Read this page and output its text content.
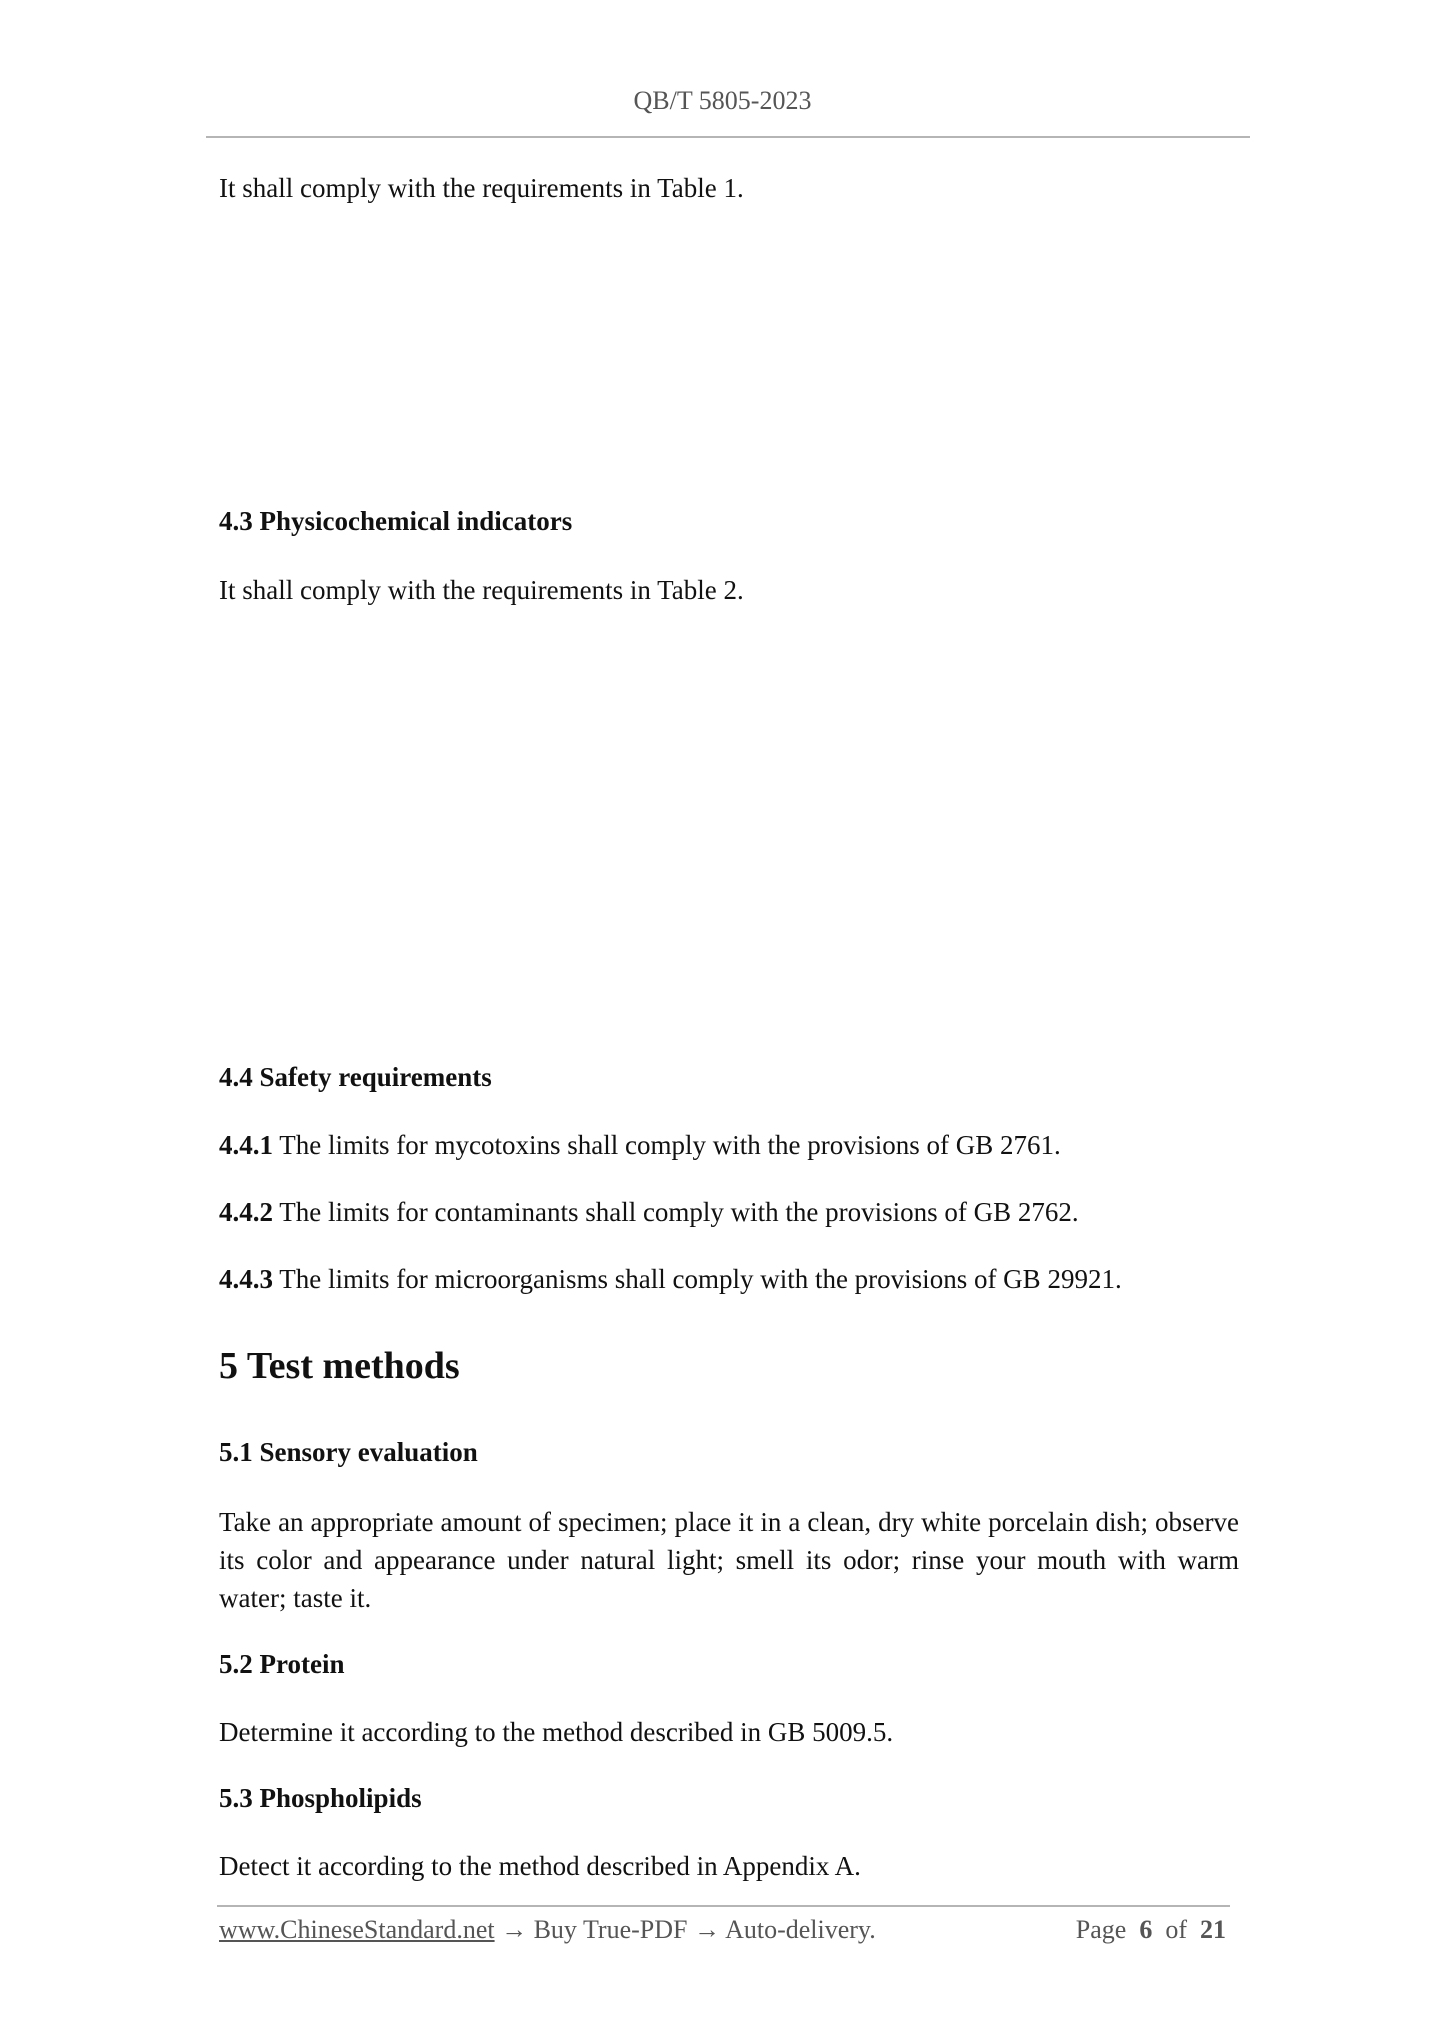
QB/T 5805-2023
It shall comply with the requirements in Table 1.
4.3 Physicochemical indicators
It shall comply with the requirements in Table 2.
4.4 Safety requirements
4.4.1 The limits for mycotoxins shall comply with the provisions of GB 2761.
4.4.2 The limits for contaminants shall comply with the provisions of GB 2762.
4.4.3 The limits for microorganisms shall comply with the provisions of GB 29921.
5 Test methods
5.1 Sensory evaluation
Take an appropriate amount of specimen; place it in a clean, dry white porcelain dish; observe its color and appearance under natural light; smell its odor; rinse your mouth with warm water; taste it.
5.2 Protein
Determine it according to the method described in GB 5009.5.
5.3 Phospholipids
Detect it according to the method described in Appendix A.
www.ChineseStandard.net → Buy True-PDF → Auto-delivery.	Page 6 of 21
